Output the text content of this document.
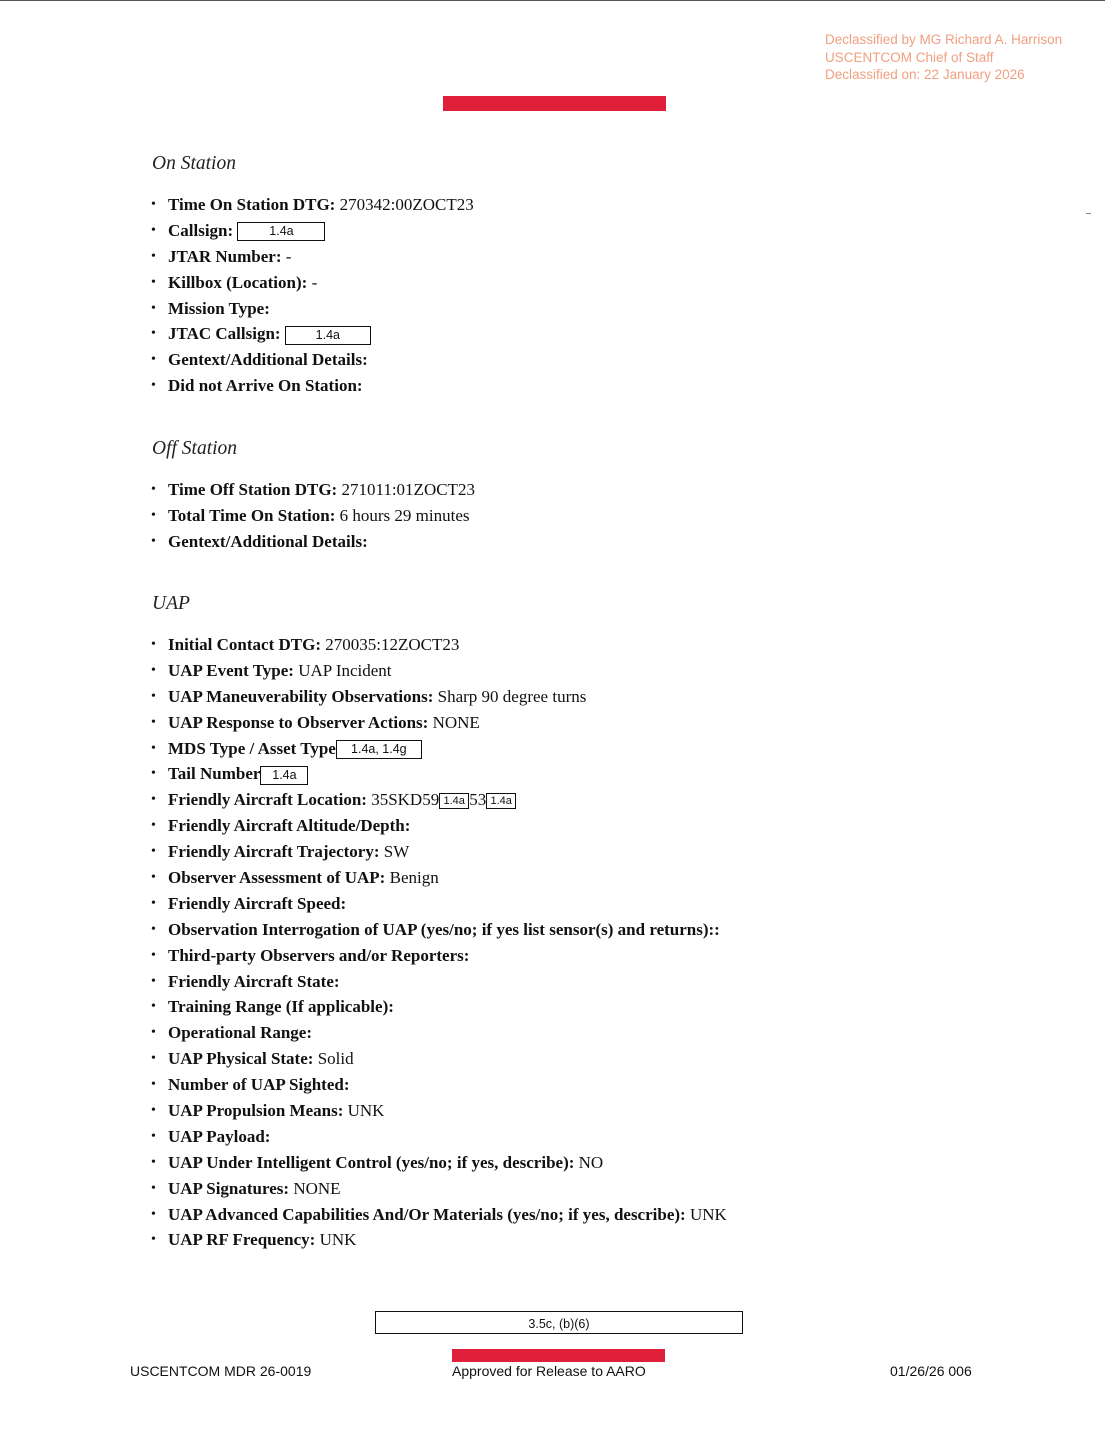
Declassified by MG Richard A. Harrison
USCENTCOM Chief of Staff
Declassified on: 22 January 2026
On Station
• Time On Station DTG: 270342:00ZOCT23
• Callsign:	1.4a
• JTAR Number: -
• Killbox (Location): -
• Mission Type:
• JTAC Callsign:	1.4a
• Gentext/Additional Details:
• Did not Arrive On Station:
Off Station
• Time Off Station DTG: 271011:01ZOCT23
• Total Time On Station: 6 hours 29 minutes
• Gentext/Additional Details:
UAP
• Initial Contact DTG: 270035:12ZOCT23
• UAP Event Type: UAP Incident
• UAP Maneuverability Observations: Sharp 90 degree turns
• UAP Response to Observer Actions: NONE
• MDS Type / Asset Type 1.4a, 1.4g
• Tail Number 1.4a
• Friendly Aircraft Location: 35SKD59 1.4a 53 1.4a
• Friendly Aircraft Altitude/Depth:
• Friendly Aircraft Trajectory: SW
• Observer Assessment of UAP: Benign
• Friendly Aircraft Speed:
• Observation Interrogation of UAP (yes/no; if yes list sensor(s) and returns)::
• Third-party Observers and/or Reporters:
• Friendly Aircraft State:
• Training Range (If applicable):
• Operational Range:
• UAP Physical State: Solid
• Number of UAP Sighted:
• UAP Propulsion Means: UNK
• UAP Payload:
• UAP Under Intelligent Control (yes/no; if yes, describe): NO
• UAP Signatures: NONE
• UAP Advanced Capabilities And/Or Materials (yes/no; if yes, describe): UNK
• UAP RF Frequency: UNK
3.5c, (b)(6)
USCENTCOM MDR 26-0019	Approved for Release to AARO	01/26/26 006
